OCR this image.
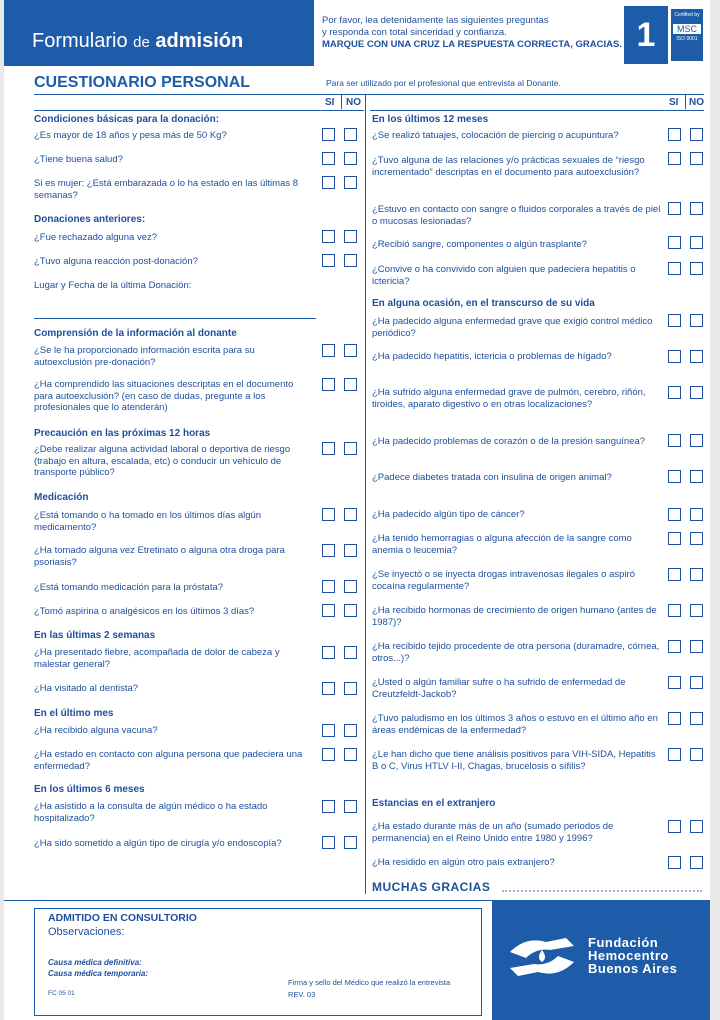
Formulario de admisión
Por favor, lea detenidamente las siguientes preguntas
y responda con total sinceridad y confianza.
MARQUE CON UNA CRUZ LA RESPUESTA CORRECTA, GRACIAS. 1
Certified by
MSC
ISO 9001
CUESTIONARIO PERSONAL	Para ser utilizado por el profesional que entrevista al Donante.
SI NO	SI NO
Condiciones básicas para la donación:
¿Es mayor de 18 años y pesa más de 50 Kg?
¿Tiene buena salud?
Si es mujer: ¿Está embarazada o lo ha estado en las últimas 8 semanas?
Donaciones anteriores:
¿Fue rechazado alguna vez?
¿Tuvo alguna reacción post-donación?
Lugar y Fecha de la última Donación:
Comprensión de la información al donante
¿Se le ha proporcionado información escrita para su autoexclusión pre-donación?
¿Ha comprendido las situaciones descriptas en el documento para autoexclusión? (en caso de dudas, pregunte a los profesionales que lo atenderán)
Precaución en las próximas 12 horas
¿Debe realizar alguna actividad laboral o deportiva de riesgo (trabajo en altura, escalada, etc) o conducir un vehículo de transporte público?
Medicación
¿Está tomando o ha tomado en los últimos días algún medicamento?
¿Ha tomado alguna vez Etretinato o alguna otra droga para psoriasis?
¿Está tomando medicación para la próstata?
¿Tomó aspirina o analgésicos en los últimos 3 días?
En las últimas 2 semanas
¿Ha presentado fiebre, acompañada de dolor de cabeza y malestar general?
¿Ha visitado al dentista?
En el último mes
¿Ha recibido alguna vacuna?
¿Ha estado en contacto con alguna persona que padeciera una enfermedad?
En los últimos 6 meses
¿Ha asistido a la consulta de algún médico o ha estado hospitalizado?
¿Ha sido sometido a algún tipo de cirugía y/o endoscopía?
En los últimos 12 meses
¿Se realizó tatuajes, colocación de piercing o acupuntura?
¿Tuvo alguna de las relaciones y/o prácticas sexuales de “riesgo incrementado” descriptas en el documento para autoexclusión?
¿Estuvo en contacto con sangre o fluidos corporales a través de piel o mucosas lesionadas?
¿Recibió sangre, componentes o algún trasplante?
¿Convive o ha convivido con alguien que padeciera hepatitis o ictericia?
En alguna ocasión, en el transcurso de su vida
¿Ha padecido alguna enfermedad grave que exigió control médico periódico?
¿Ha padecido hepatitis, ictericia o problemas de hígado?
¿Ha sufrido alguna enfermedad grave de pulmón, cerebro, riñón, tiroides, aparato digestivo o en otras localizaciones?
¿Ha padecido problemas de corazón o de la presión sanguínea?
¿Padece diabetes tratada con insulina de origen animal?
¿Ha padecido algún tipo de cáncer?
¿Ha tenido hemorragias o alguna afección de la sangre como anemia o leucemia?
¿Se inyectó o se inyecta drogas intravenosas ilegales o aspiró cocaína regularmente?
¿Ha recibido hormonas de crecimiento de origen humano (antes de 1987)?
¿Ha recibido tejido procedente de otra persona (duramadre, córnea, otros...)?
¿Usted o algún familiar sufre o ha sufrido de enfermedad de Creutzfeldt-Jackob?
¿Tuvo paludismo en los últimos 3 años o estuvo en el último año en áreas endémicas de la enfermedad?
¿Le han dicho que tiene análisis positivos para VIH-SIDA, Hepatitis B o C, Virus HTLV I-II, Chagas, brucelosis o sífilis?
Estancias en el extranjero
¿Ha estado durante más de un año (sumado periodos de permanencia) en el Reino Unido entre 1980 y 1996?
¿Ha residido en algún otro país extranjero?
MUCHAS GRACIAS
ADMITIDO EN CONSULTORIO
Observaciones:
Causa médica definitiva:
Causa médica temporaria:
FC 05 01
Firma y sello del Médico que realizó la entrevista
REV. 03
Fundación
Hemocentro
Buenos Aires
